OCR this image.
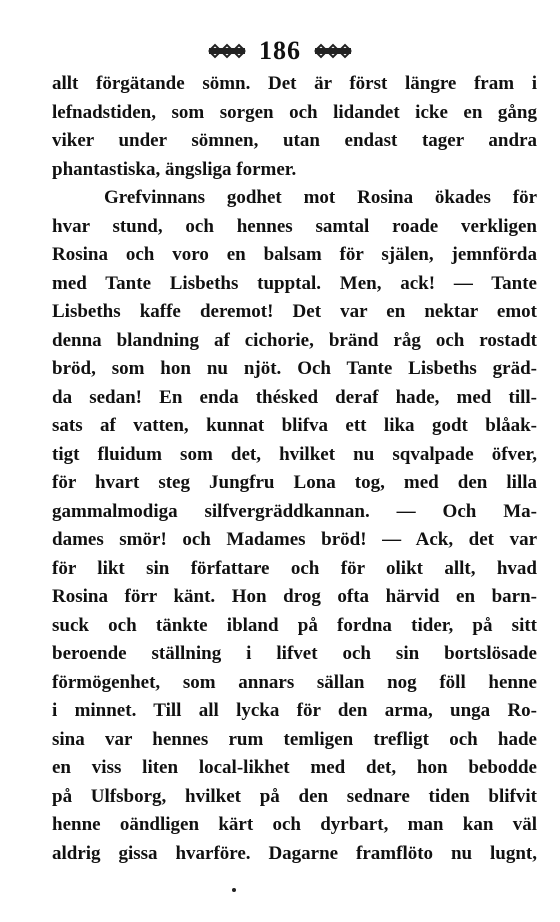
186
allt förgätande sömn. Det är först längre fram i
lefnadstiden, som sorgen och lidandet icke en gång
viker under sömnen, utan endast tager andra
phantastiska, ängsliga former.
Grefvinnans godhet mot Rosina ökades för
hvar stund, och hennes samtal roade verkligen
Rosina och voro en balsam för själen, jemnförda
med Tante Lisbeths tupptal. Men, ack! — Tante
Lisbeths kaffe deremot! Det var en nektar emot
denna blandning af cichorie, bränd råg och rostadt
bröd, som hon nu njöt. Och Tante Lisbeths gräd-
da sedan! En enda thésked deraf hade, med till-
sats af vatten, kunnat blifva ett lika godt blåak-
tigt fluidum som det, hvilket nu sqvalpade öfver,
för hvart steg Jungfru Lona tog, med den lilla
gammalmodiga silfvergräddkannan. — Och Ma-
dames smör! och Madames bröd! — Ack, det var
för likt sin författare och för olikt allt, hvad
Rosina förr känt. Hon drog ofta härvid en barn-
suck och tänkte ibland på fordna tider, på sitt
beroende ställning i lifvet och sin bortslösade
förmögenhet, som annars sällan nog föll henne
i minnet. Till all lycka för den arma, unga Ro-
sina var hennes rum temligen trefligt och hade
en viss liten local-likhet med det, hon bebodde
på Ulfsborg, hvilket på den sednare tiden blifvit
henne oändligen kärt och dyrbart, man kan väl
aldrig gissa hvarföre. Dagarne framflöto nu lugnt,
